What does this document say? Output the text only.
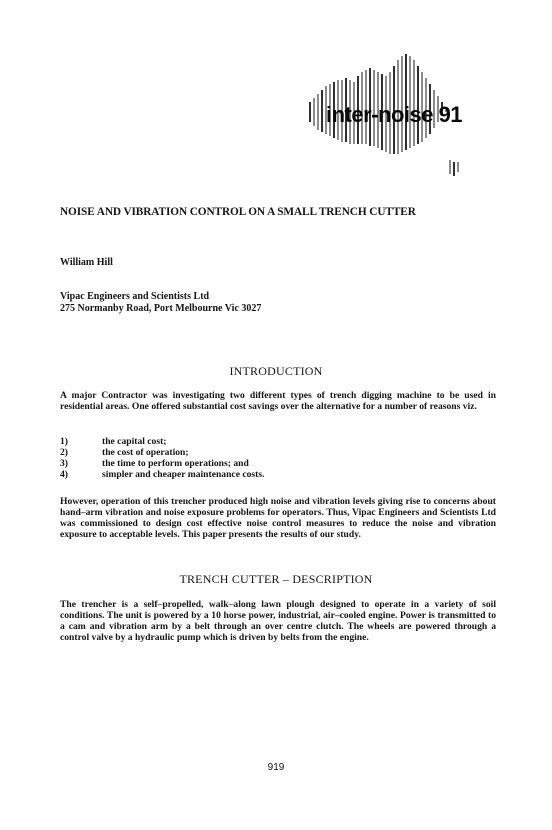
inter-noise 91
NOISE AND VIBRATION CONTROL ON A SMALL TRENCH CUTTER
William Hill
Vipac Engineers and Scientists Ltd
275 Normanby Road, Port Melbourne Vic 3027
INTRODUCTION
A major Contractor was investigating two different types of trench digging machine to be used in residential areas. One offered substantial cost savings over the alternative for a number of reasons viz.
1)	the capital cost;
2)	the cost of operation;
3)	the time to perform operations; and
4)	simpler and cheaper maintenance costs.
However, operation of this trencher produced high noise and vibration levels giving rise to concerns about hand–arm vibration and noise exposure problems for operators. Thus, Vipac Engineers and Scientists Ltd was commissioned to design cost effective noise control measures to reduce the noise and vibration exposure to acceptable levels. This paper presents the results of our study.
TRENCH CUTTER – DESCRIPTION
The trencher is a self–propelled, walk–along lawn plough designed to operate in a variety of soil conditions. The unit is powered by a 10 horse power, industrial, air–cooled engine. Power is transmitted to a cam and vibration arm by a belt through an over centre clutch. The wheels are powered through a control valve by a hydraulic pump which is driven by belts from the engine.
919
